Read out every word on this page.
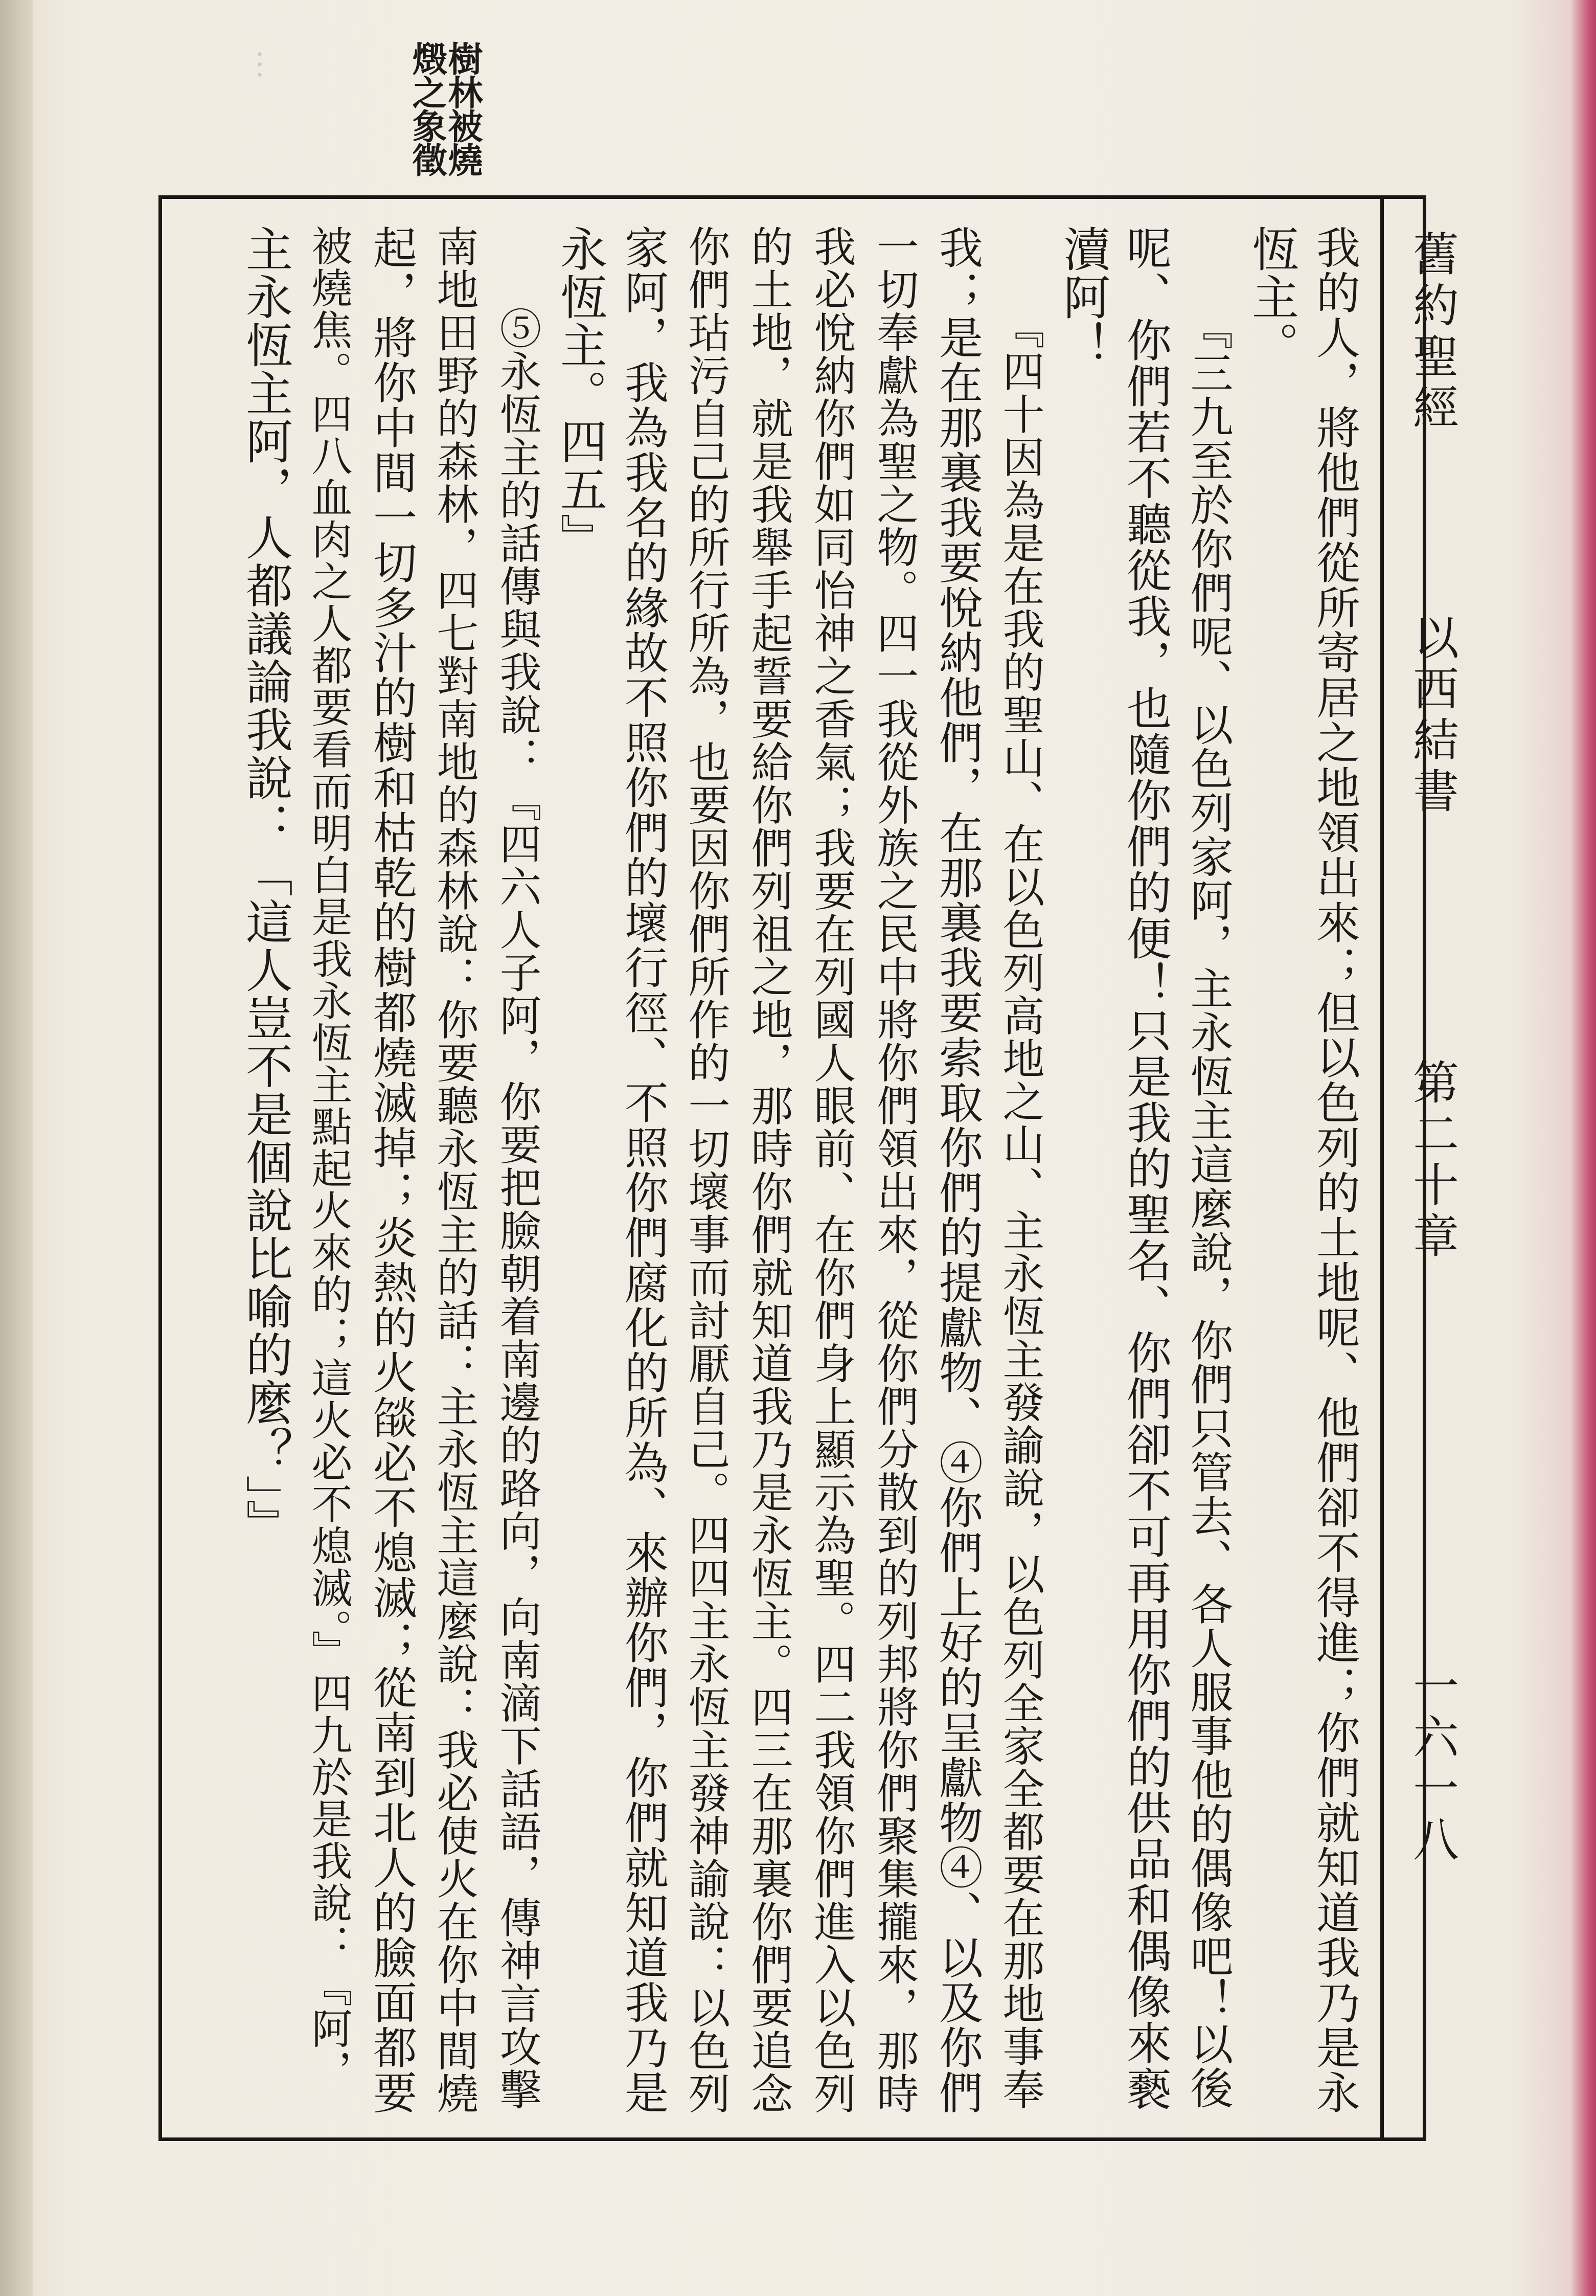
…	樹林被燒
燬之象徵
舊約聖經
以西結書
第二十章
一六一八
我的人，將他們從所寄居之地領出來；但以色列的土地呢、他們卻不得進；你們就知道我乃是永
恆主。
『三九至於你們呢、以色列家阿，主永恆主這麼說，你們只管去、各人服事他的偶像吧！以後
呢、你們若不聽從我，也隨你們的便！只是我的聖名、你們卻不可再用你們的供品和偶像來褻
瀆阿！
『四十因為是在我的聖山、在以色列高地之山、主永恆主發諭說，以色列全家全都要在那地事奉
我；是在那裏我要悅納他們，在那裏我要索取你們的提獻物、④你們上好的呈獻物④、以及你們
一切奉獻為聖之物。四一我從外族之民中將你們領出來，從你們分散到的列邦將你們聚集攏來，那時
我必悅納你們如同怡神之香氣；我要在列國人眼前、在你們身上顯示為聖。四二我領你們進入以色列
的土地，就是我舉手起誓要給你們列祖之地，那時你們就知道我乃是永恆主。四三在那裏你們要追念
你們玷污自己的所行所為，也要因你們所作的一切壞事而討厭自己。四四主永恆主發神諭說：以色列
家阿，我為我名的緣故不照你們的壞行徑、不照你們腐化的所為、來辦你們，你們就知道我乃是
永恆主。四五』
⑤永恆主的話傳與我說：『四六人子阿，你要把臉朝着南邊的路向，向南滴下話語，傳神言攻擊
南地田野的森林，四七對南地的森林說：你要聽永恆主的話：主永恆主這麼說：我必使火在你中間燒
起，將你中間一切多汁的樹和枯乾的樹都燒滅掉；炎熱的火燄必不熄滅；從南到北人的臉面都要
被燒焦。四八血肉之人都要看而明白是我永恆主點起火來的；這火必不熄滅。』四九於是我說：『阿，
主永恆主阿，人都議論我說：「這人豈不是個說比喻的麼？」』
